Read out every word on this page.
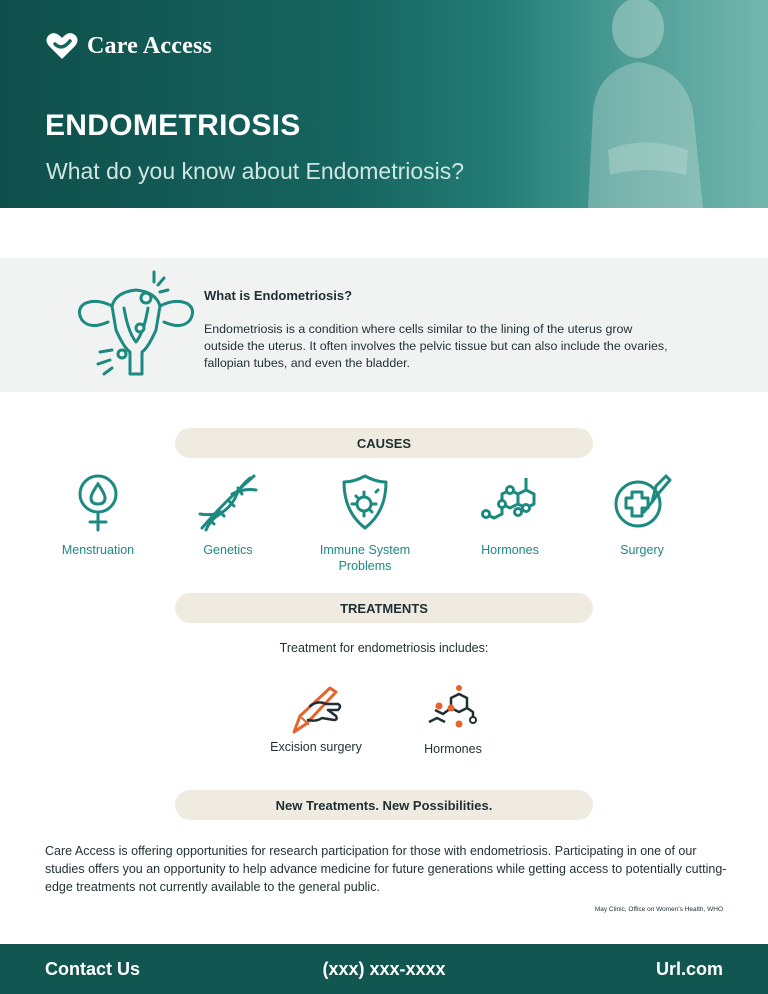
Care Access
ENDOMETRIOSIS
What do you know about Endometriosis?
What is Endometriosis?
Endometriosis is a condition where cells similar to the lining of the uterus grow outside the uterus. It often involves the pelvic tissue but can also include the ovaries, fallopian tubes, and even the bladder.
CAUSES
Menstruation	Genetics	Immune System Problems
Hormones	Surgery
TREATMENTS
Treatment for endometriosis includes:
Excision surgery	Hormones
New Treatments. New Possibilities.
Care Access is offering opportunities for research participation for those with endometriosis. Participating in one of our studies offers you an opportunity to help advance medicine for future generations while getting access to potentially cutting-edge treatments not currently available to the general public.
May Clinic, Office on Women's Health, WHO
Contact Us	(xxx) xxx-xxxx	Url.com
